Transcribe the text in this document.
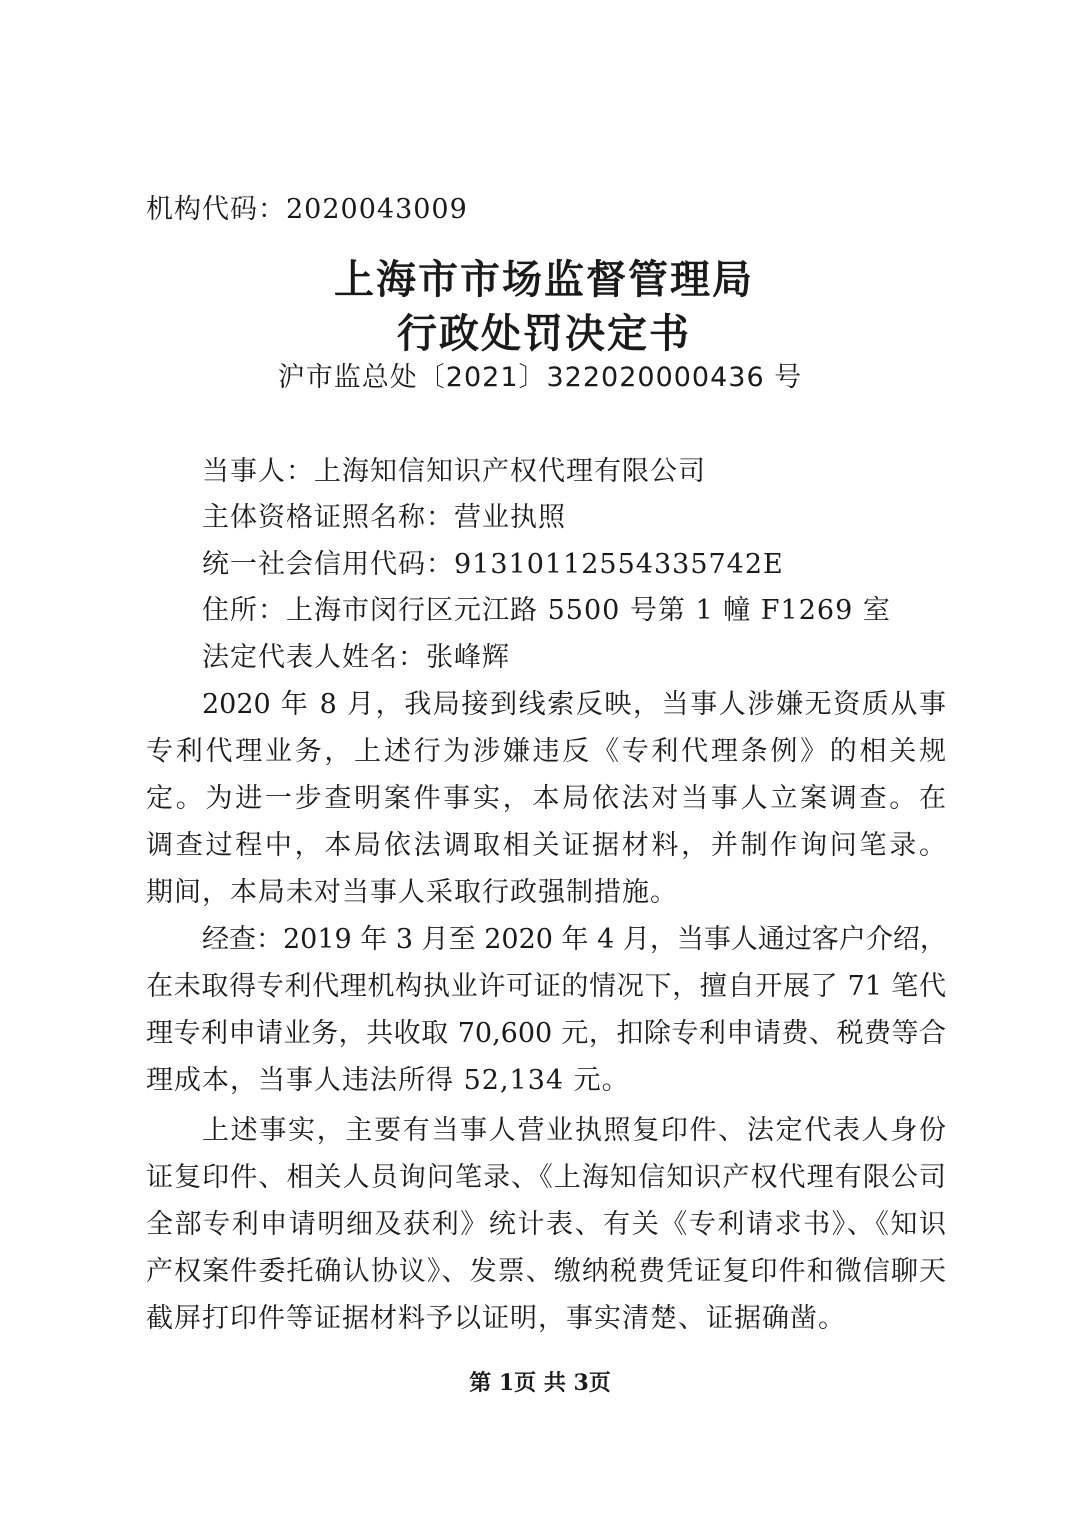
机构代码：2020043009
上海市市场监督管理局
行政处罚决定书
沪市监总处〔2021〕322020000436 号
当事人：上海知信知识产权代理有限公司
主体资格证照名称：营业执照
统一社会信用代码：91310112554335742E
住所：上海市闵行区元江路 5500 号第 1 幢 F1269 室
法定代表人姓名：张峰辉
2020 年 8 月，我局接到线索反映，当事人涉嫌无资质从事
专利代理业务，上述行为涉嫌违反《专利代理条例》的相关规
定。为进一步查明案件事实，本局依法对当事人立案调查。在
调查过程中，本局依法调取相关证据材料，并制作询问笔录。
期间，本局未对当事人采取行政强制措施。
经查：2019 年 3 月至 2020 年 4 月，当事人通过客户介绍，
在未取得专利代理机构执业许可证的情况下，擅自开展了 71 笔代
理专利申请业务，共收取 70,600 元，扣除专利申请费、税费等合
理成本，当事人违法所得 52,134 元。
上述事实，主要有当事人营业执照复印件、法定代表人身份
证复印件、相关人员询问笔录、《上海知信知识产权代理有限公司
全部专利申请明细及获利》统计表、有关《专利请求书》、《知识
产权案件委托确认协议》、发票、缴纳税费凭证复印件和微信聊天
截屏打印件等证据材料予以证明，事实清楚、证据确凿。
第 1页 共 3页
